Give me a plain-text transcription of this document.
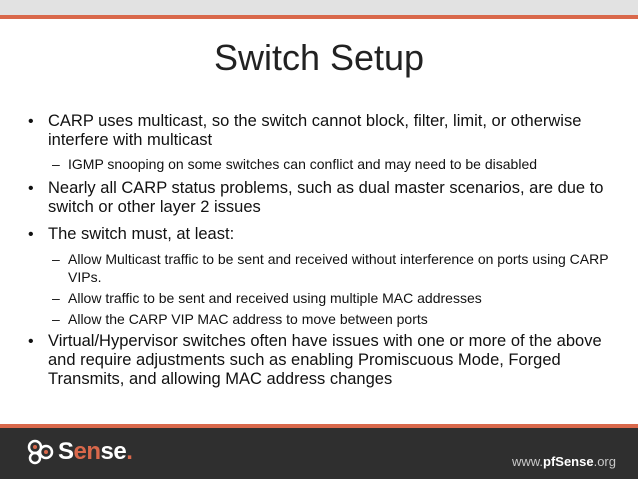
Switch Setup
• CARP uses multicast, so the switch cannot block, filter, limit, or otherwise interfere with multicast
– IGMP snooping on some switches can conflict and may need to be disabled
• Nearly all CARP status problems, such as dual master scenarios, are due to switch or other layer 2 issues
• The switch must, at least:
– Allow Multicast traffic to be sent and received without interference on ports using CARP VIPs.
– Allow traffic to be sent and received using multiple MAC addresses
– Allow the CARP VIP MAC address to move between ports
• Virtual/Hypervisor switches often have issues with one or more of the above and require adjustments such as enabling Promiscuous Mode, Forged Transmits, and allowing MAC address changes
Sense.	www.pfSense.org
